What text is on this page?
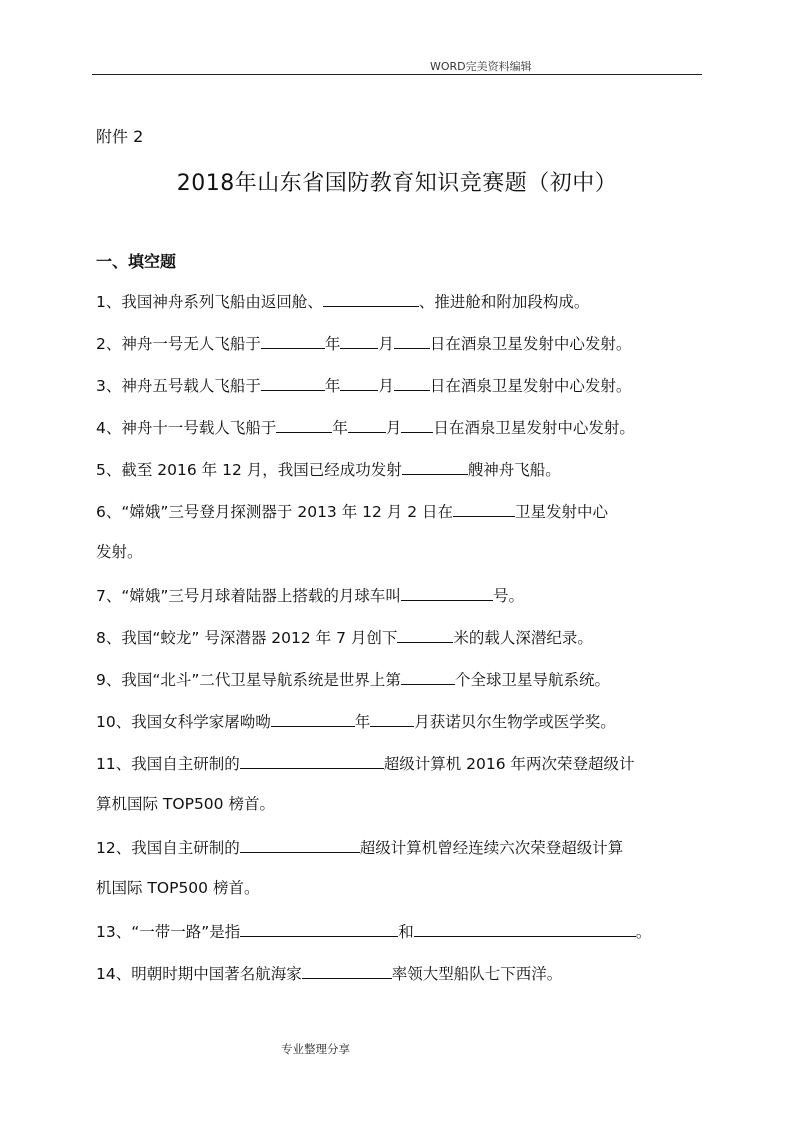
WORD完美资料编辑
附件 2
2018年山东省国防教育知识竞赛题（初中）
一、填空题
1、我国神舟系列飞船由返回舱、	、推进舱和附加段构成。
2、神舟一号无人飞船于	年 月 日在酒泉卫星发射中心发射。
3、神舟五号载人飞船于	年 月 日在酒泉卫星发射中心发射。
4、神舟十一号载人飞船于	年 月 日在酒泉卫星发射中心发射。
5、截至 2016 年 12 月，我国已经成功发射	艘神舟飞船。
6、“嫦娥”三号登月探测器于 2013 年 12 月 2 日在	卫星发射中心
发射。
7、“嫦娥”三号月球着陆器上搭载的月球车叫	号。
8、我国“蛟龙” 号深潜器 2012 年 7 月创下	米的载人深潜纪录。
9、我国“北斗”二代卫星导航系统是世界上第	个全球卫星导航系统。
10、我国女科学家屠呦呦	年	月获诺贝尔生物学或医学奖。
11、我国自主研制的	超级计算机 2016 年两次荣登超级计
算机国际 TOP500 榜首。
12、我国自主研制的	超级计算机曾经连续六次荣登超级计算
机国际 TOP500 榜首。
13、“一带一路”是指	和	。
14、明朝时期中国著名航海家	率领大型船队七下西洋。
专业整理分享
